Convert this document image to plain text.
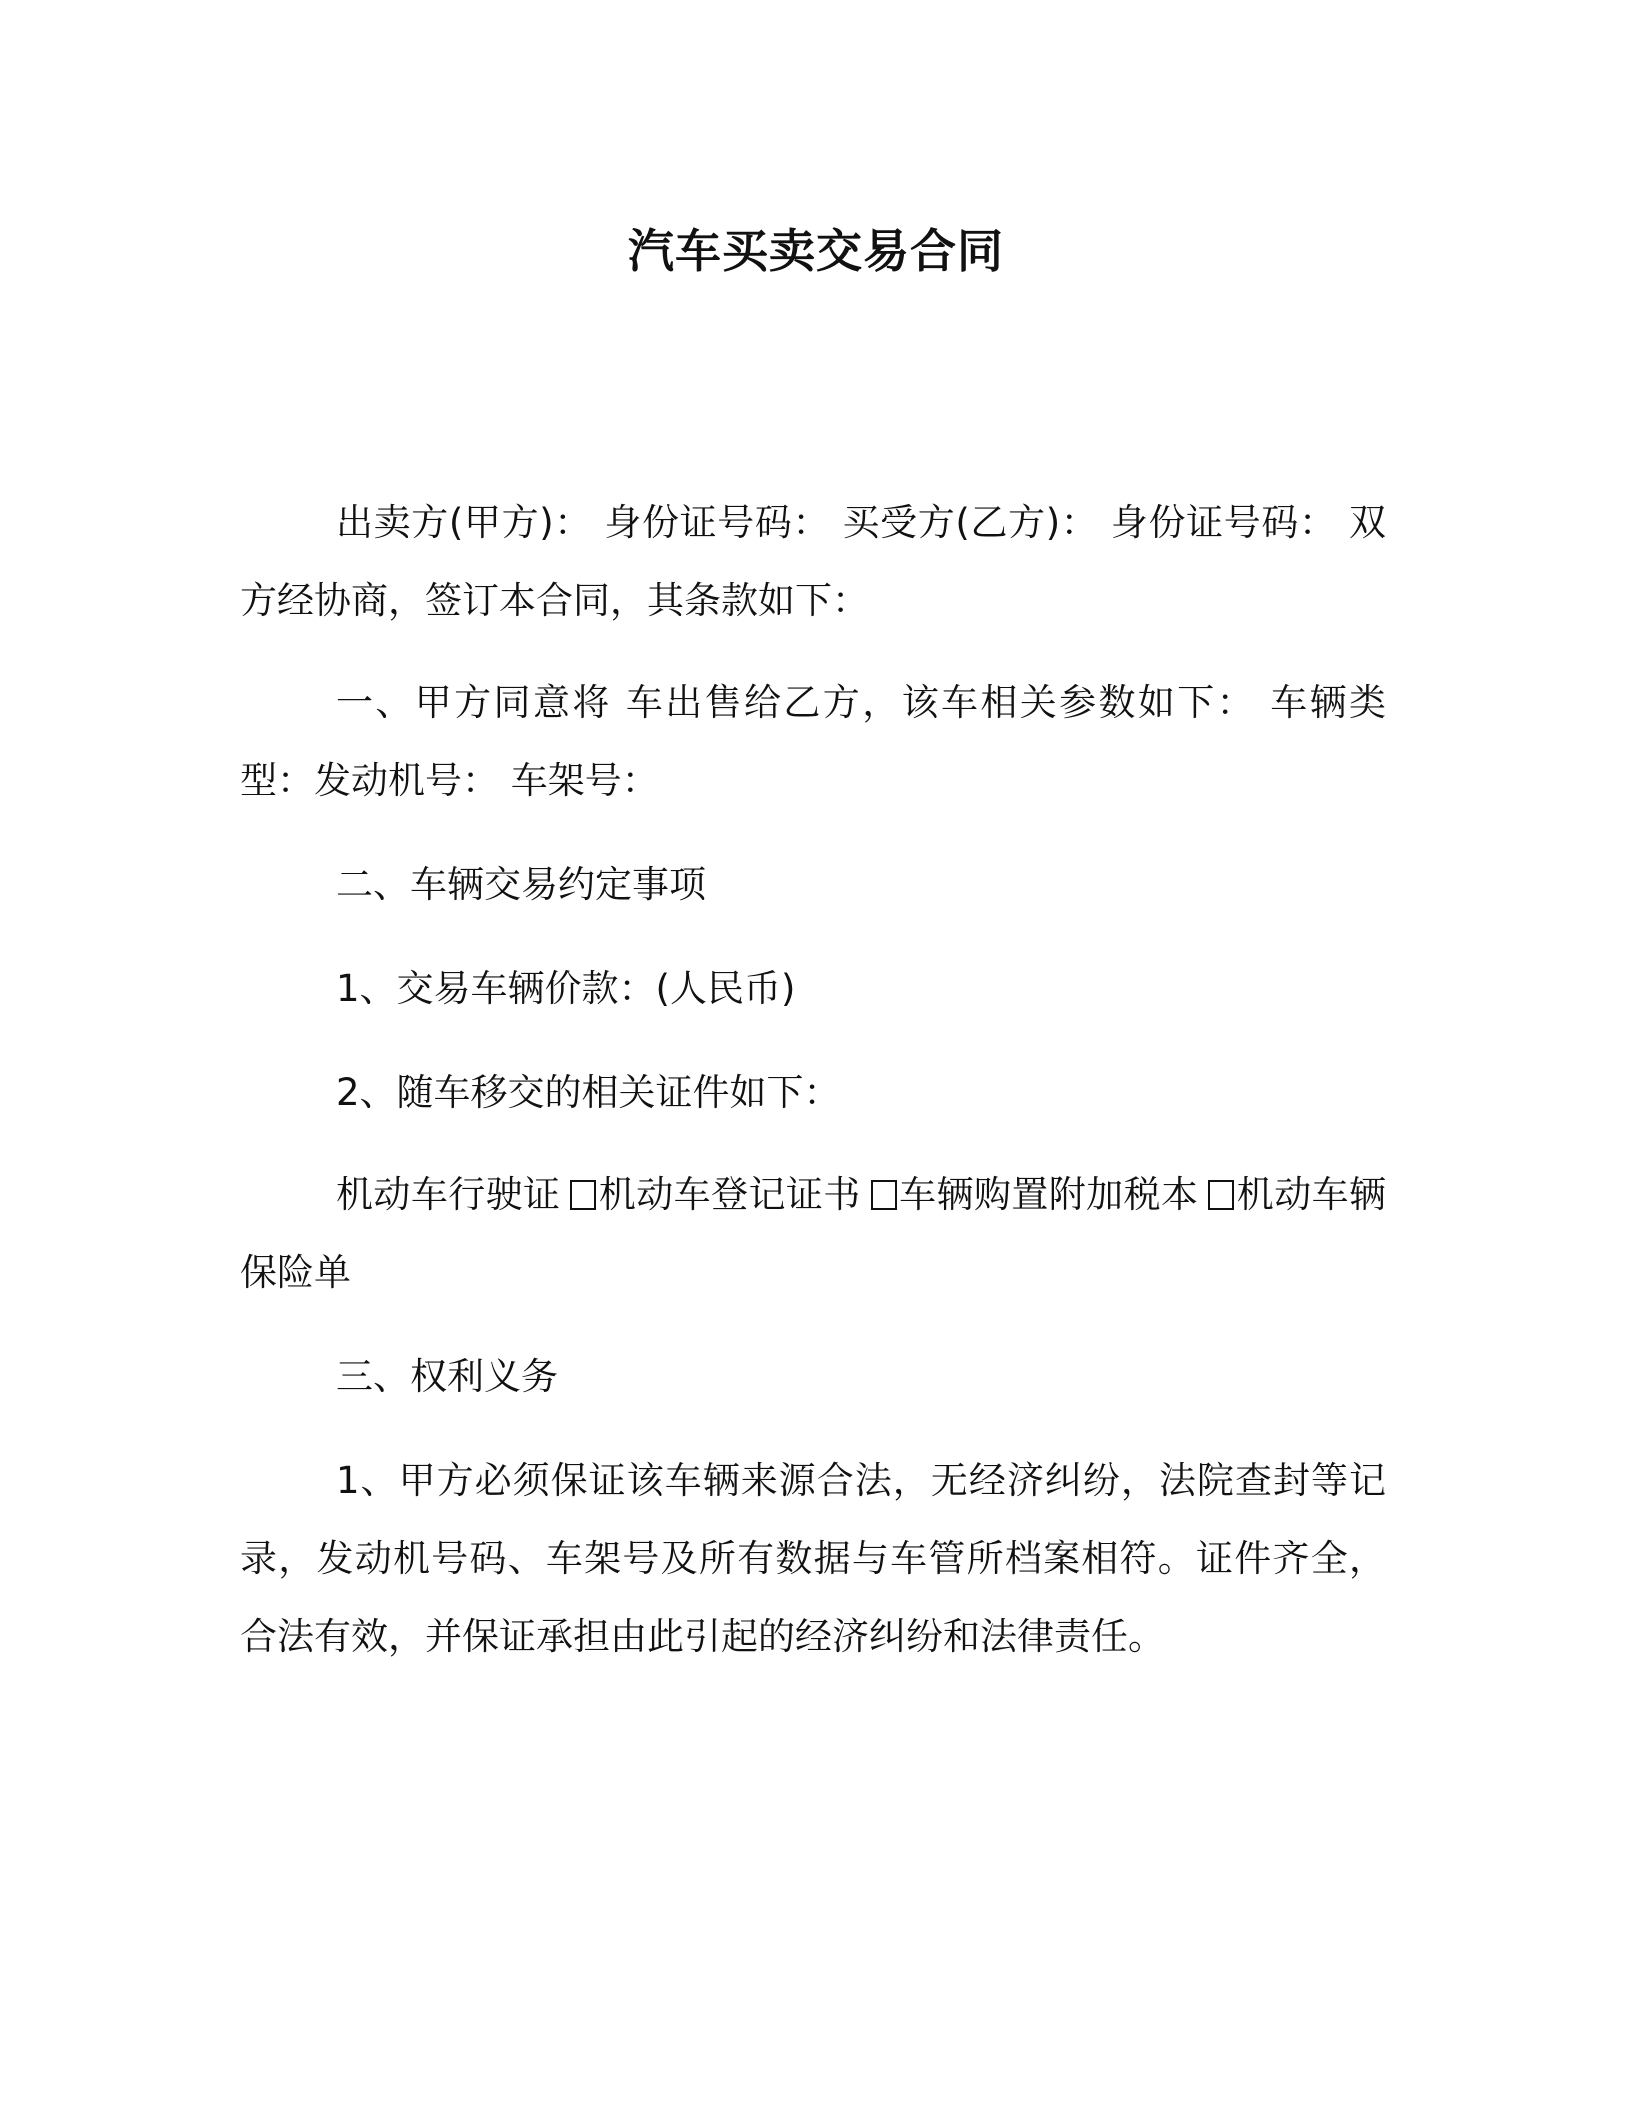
汽车买卖交易合同

出卖方(甲方)： 身份证号码： 买受方(乙方)： 身份证号码： 双方经协商，签订本合同，其条款如下：

一、甲方同意将 车出售给乙方，该车相关参数如下： 车辆类型：发动机号： 车架号：

二、车辆交易约定事项

1、交易车辆价款：(人民币)

2、随车移交的相关证件如下：

机动车行驶证 机动车登记证书 车辆购置附加税本 机动车辆保险单

三、权利义务

1、甲方必须保证该车辆来源合法，无经济纠纷，法院查封等记录，发动机号码、车架号及所有数据与车管所档案相符。证件齐全，合法有效，并保证承担由此引起的经济纠纷和法律责任。
